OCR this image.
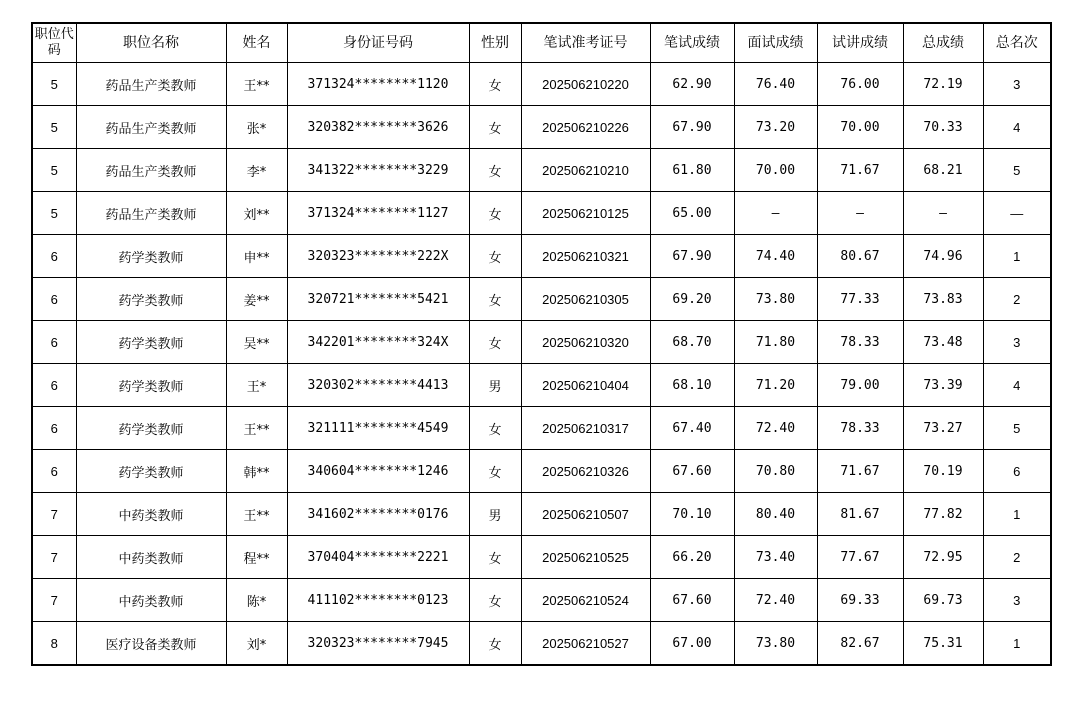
职位代码	职位名称	姓名	身份证号码	性别	笔试准考证号	笔试成绩	面试成绩	试讲成绩	总成绩	总名次
5	药品生产类教师	王**	371324********1120	女	202506210220	62.90	76.40	76.00	72.19	3
5	药品生产类教师	张*	320382********3626	女	202506210226	67.90	73.20	70.00	70.33	4
5	药品生产类教师	李*	341322********3229	女	202506210210	61.80	70.00	71.67	68.21	5
5	药品生产类教师	刘**	371324********1127	女	202506210125	65.00	—	—	—	—
6	药学类教师	申**	320323********222X	女	202506210321	67.90	74.40	80.67	74.96	1
6	药学类教师	姜**	320721********5421	女	202506210305	69.20	73.80	77.33	73.83	2
6	药学类教师	吴**	342201********324X	女	202506210320	68.70	71.80	78.33	73.48	3
6	药学类教师	王*	320302********4413	男	202506210404	68.10	71.20	79.00	73.39	4
6	药学类教师	王**	321111********4549	女	202506210317	67.40	72.40	78.33	73.27	5
6	药学类教师	韩**	340604********1246	女	202506210326	67.60	70.80	71.67	70.19	6
7	中药类教师	王**	341602********0176	男	202506210507	70.10	80.40	81.67	77.82	1
7	中药类教师	程**	370404********2221	女	202506210525	66.20	73.40	77.67	72.95	2
7	中药类教师	陈*	411102********0123	女	202506210524	67.60	72.40	69.33	69.73	3
8	医疗设备类教师	刘*	320323********7945	女	202506210527	67.00	73.80	82.67	75.31	1
